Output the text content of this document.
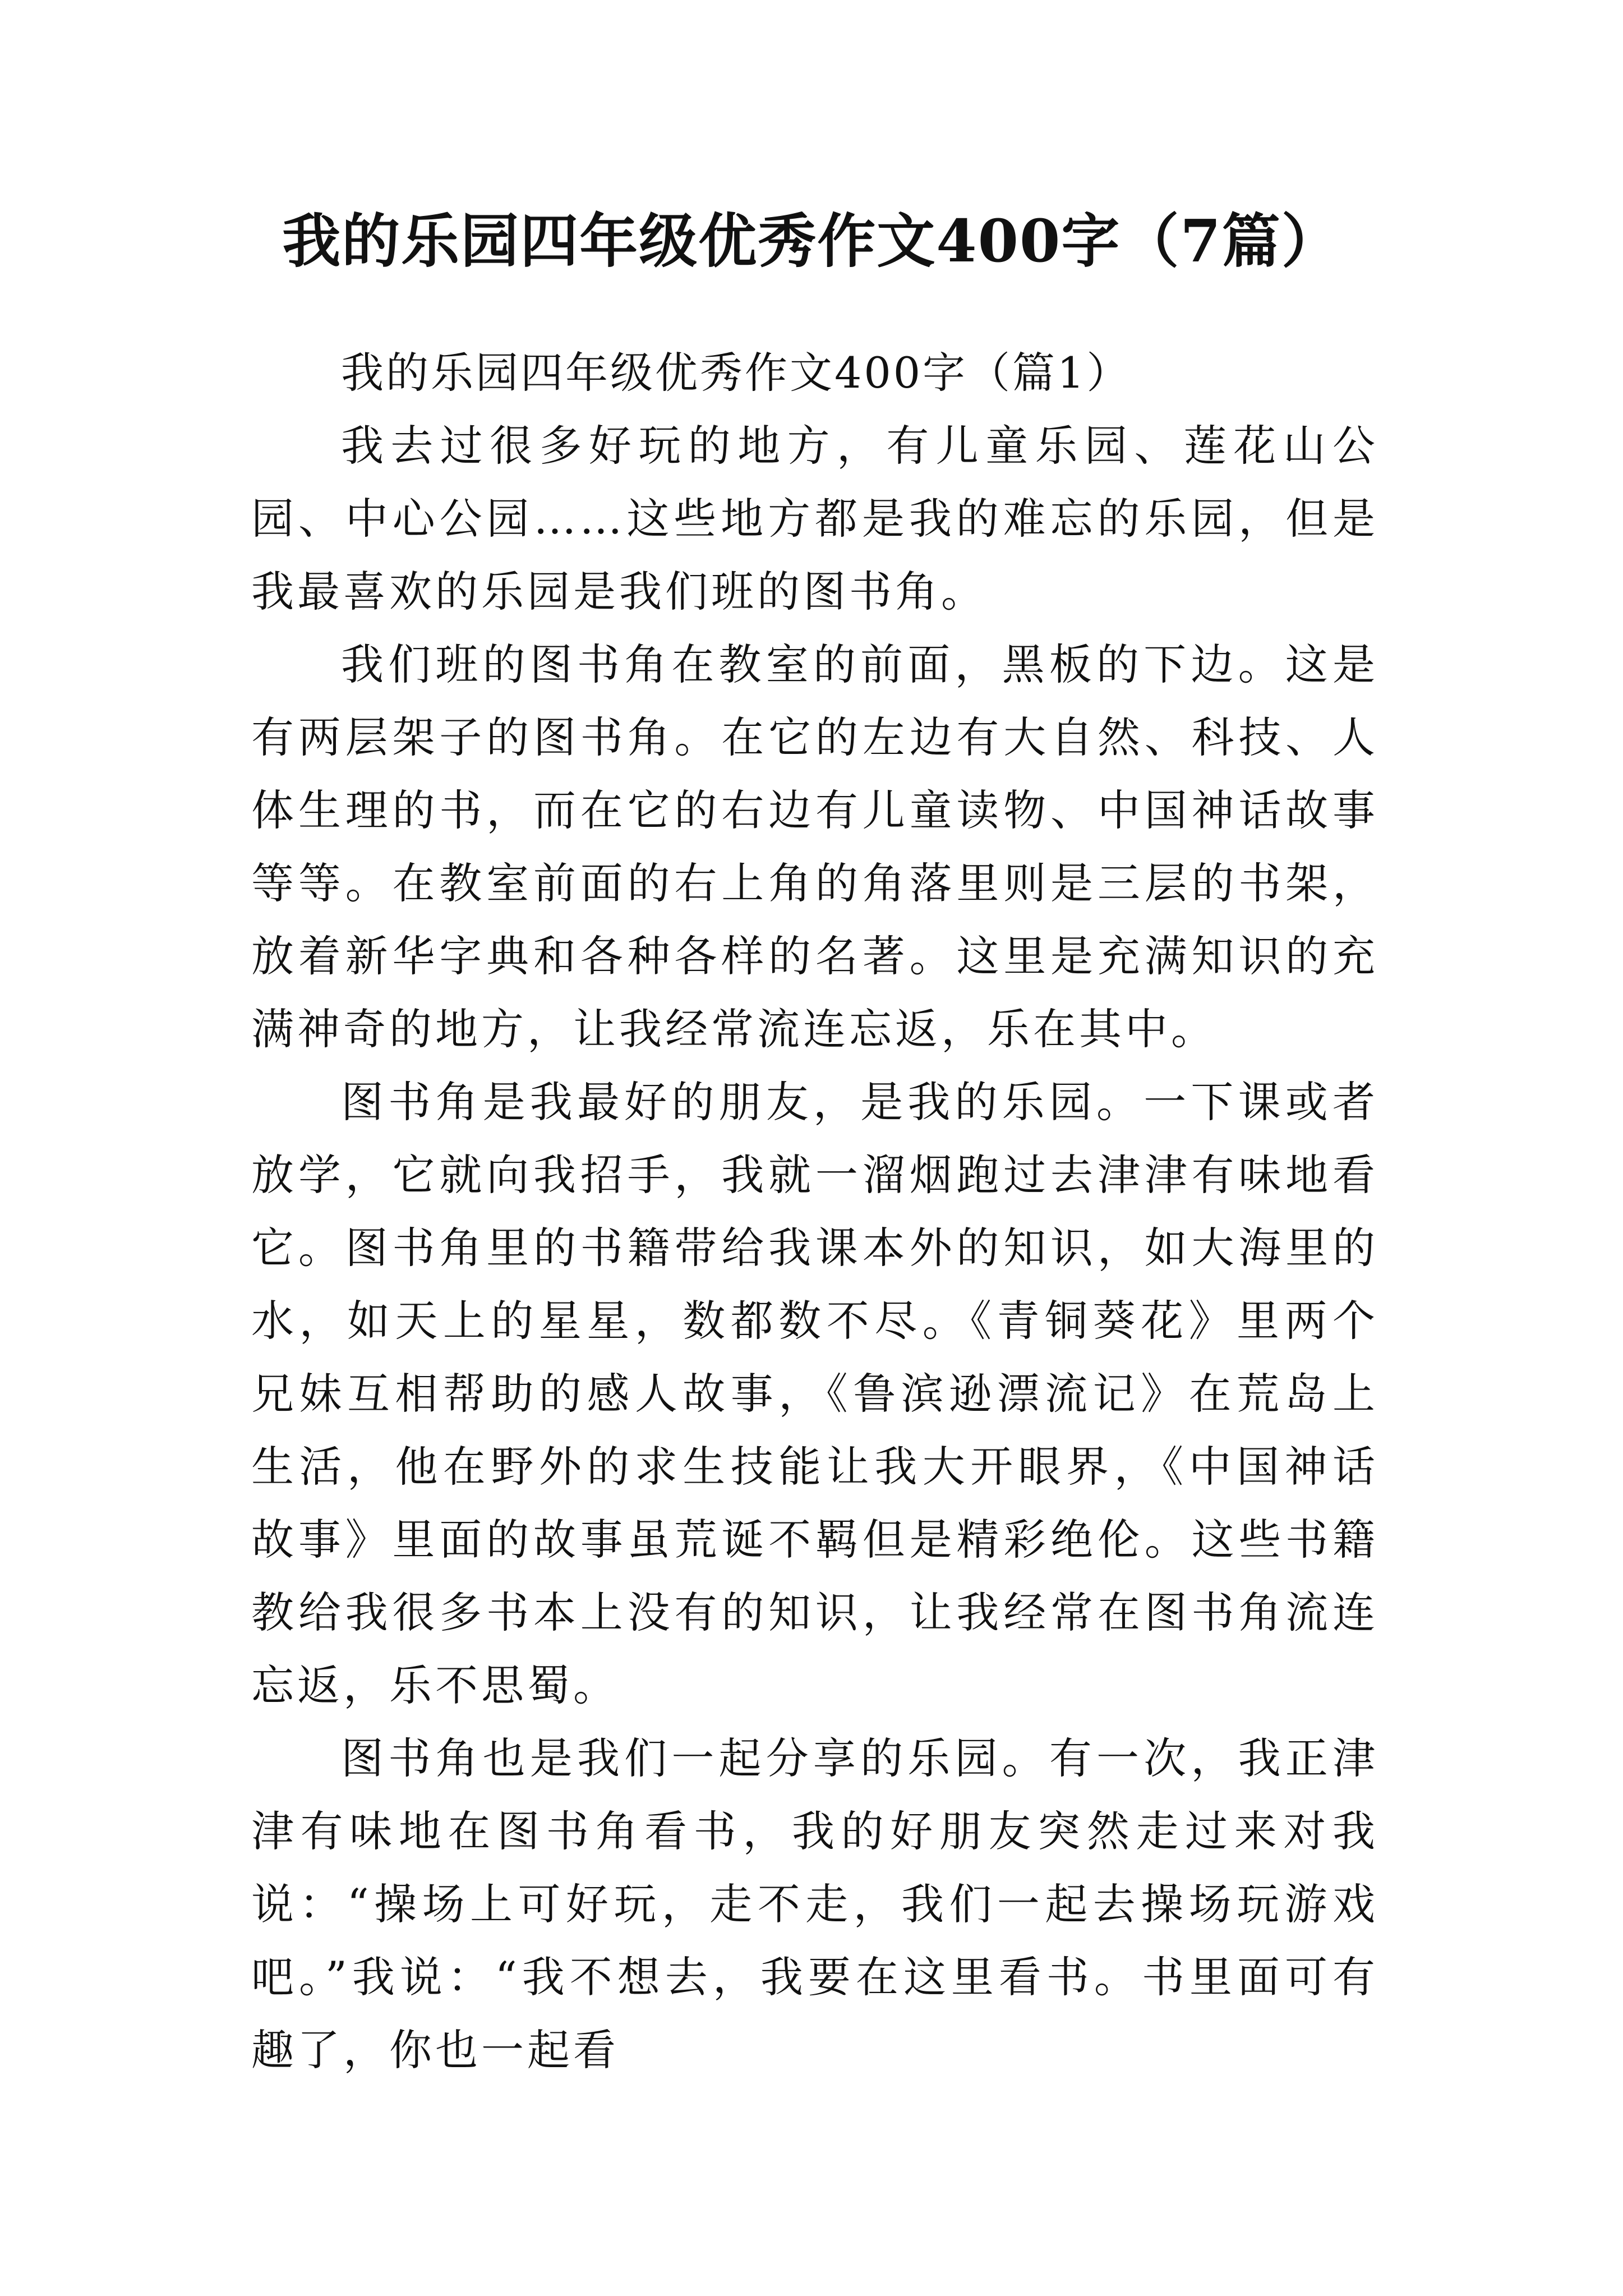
我的乐园四年级优秀作文400字（7篇）

我的乐园四年级优秀作文400字（篇1）

我去过很多好玩的地方，有儿童乐园、莲花山公园、中心公园……这些地方都是我的难忘的乐园，但是我最喜欢的乐园是我们班的图书角。

我们班的图书角在教室的前面，黑板的下边。这是有两层架子的图书角。在它的左边有大自然、科技、人体生理的书，而在它的右边有儿童读物、中国神话故事等等。在教室前面的右上角的角落里则是三层的书架，放着新华字典和各种各样的名著。这里是充满知识的充满神奇的地方，让我经常流连忘返，乐在其中。

图书角是我最好的朋友，是我的乐园。一下课或者放学，它就向我招手，我就一溜烟跑过去津津有味地看它。图书角里的书籍带给我课本外的知识，如大海里的水，如天上的星星，数都数不尽。《青铜葵花》里两个兄妹互相帮助的感人故事，《鲁滨逊漂流记》在荒岛上生活，他在野外的求生技能让我大开眼界，《中国神话故事》里面的故事虽荒诞不羁但是精彩绝伦。这些书籍教给我很多书本上没有的知识，让我经常在图书角流连忘返，乐不思蜀。

图书角也是我们一起分享的乐园。有一次，我正津津有味地在图书角看书，我的好朋友突然走过来对我说：“操场上可好玩，走不走，我们一起去操场玩游戏吧。”我说：“我不想去，我要在这里看书。书里面可有趣了，你也一起看
